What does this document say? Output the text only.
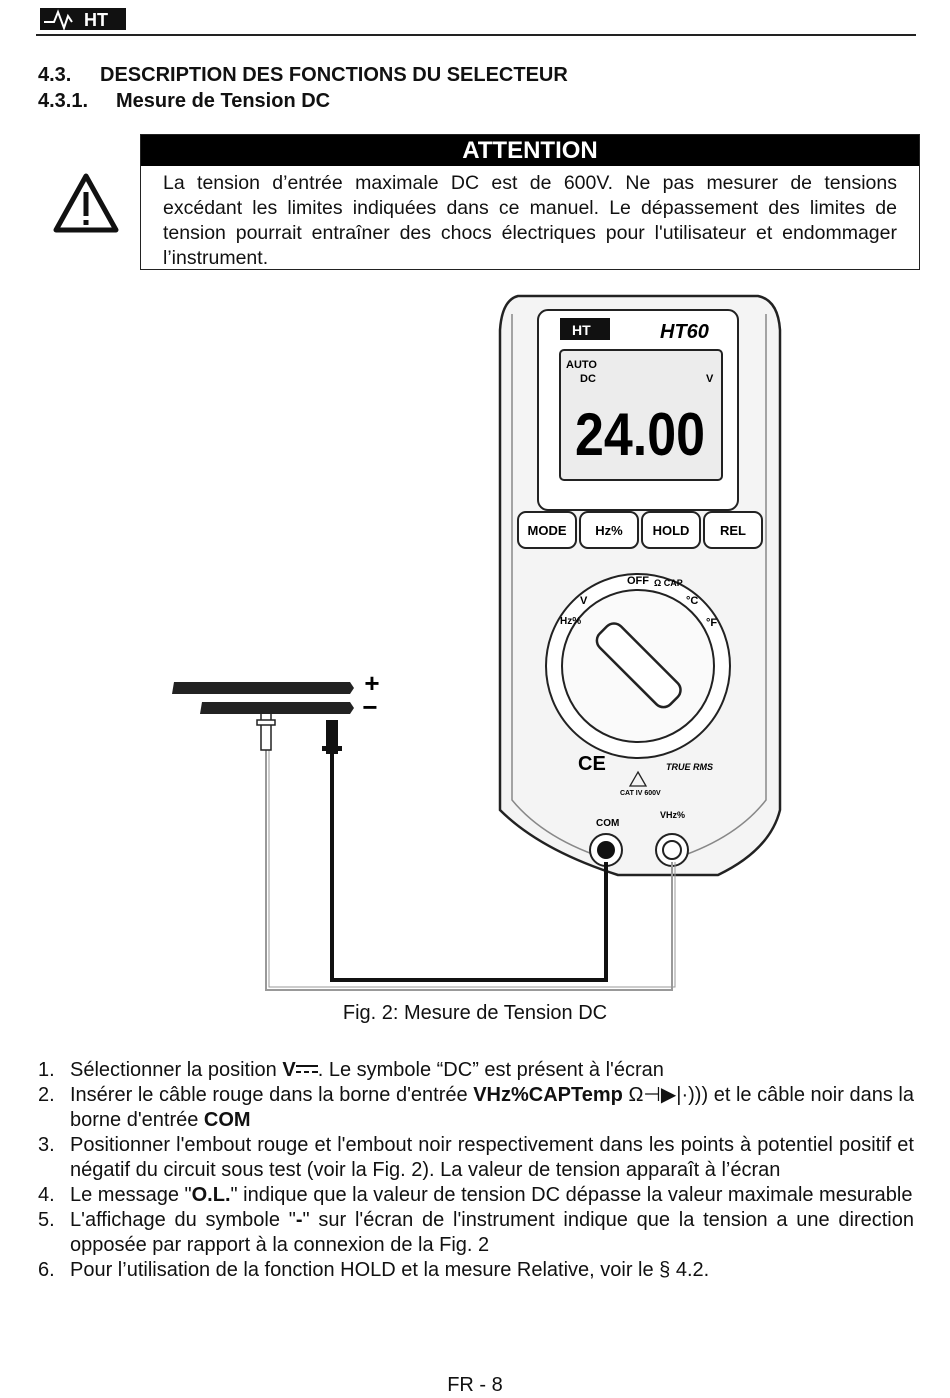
HT
4.3. DESCRIPTION DES FONCTIONS DU SELECTEUR
4.3.1. Mesure de Tension DC
ATTENTION
La tension d’entrée maximale DC est de 600V. Ne pas mesurer de tensions excédant les limites indiquées dans ce manuel. Le dépassement des limites de tension pourrait entraîner des chocs électriques pour l'utilisateur et endommager l’instrument.
HT	HT60
AUTO
DC	V
24.00
MODE Hz% HOLD REL
OFF
V
Hz%
°C
°F
Ω CAP
CE	TRUE RMS
CAT IV 600V
COM
VHz%
+
−
Fig. 2: Mesure de Tension DC
1. Sélectionner la position V . Le symbole “DC” est présent à l'écran
2. Insérer le câble rouge dans la borne d'entrée VHz%CAPTemp Ω⊣▶|·))) et le câble noir dans la borne d'entrée COM
3. Positionner l'embout rouge et l'embout noir respectivement dans les points à potentiel positif et négatif du circuit sous test (voir la Fig. 2). La valeur de tension apparaît à l’écran
4. Le message "O.L." indique que la valeur de tension DC dépasse la valeur maximale mesurable
5. L'affichage du symbole "-" sur l'écran de l'instrument indique que la tension a une direction opposée par rapport à la connexion de la Fig. 2
6. Pour l’utilisation de la fonction HOLD et la mesure Relative, voir le § 4.2.
FR - 8
